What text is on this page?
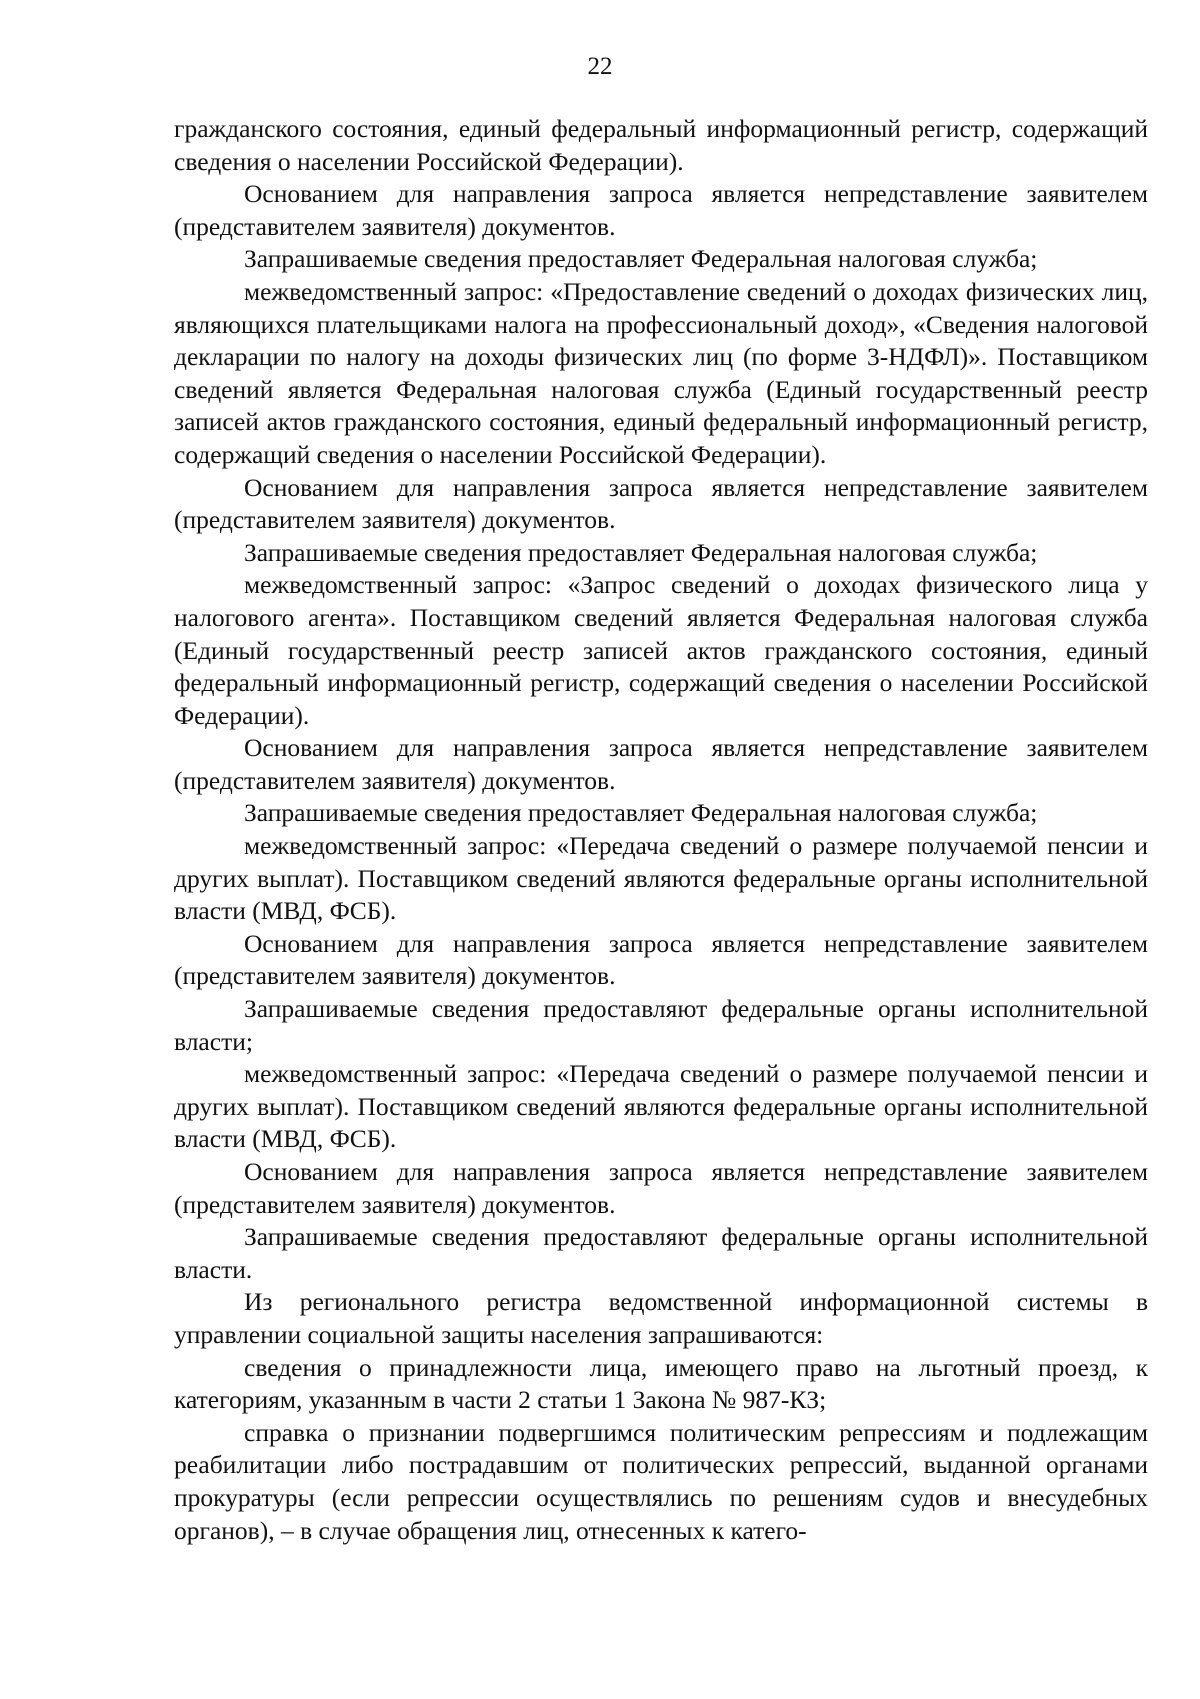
22

гражданского состояния, единый федеральный информационный регистр, содержащий сведения о населении Российской Федерации).

Основанием для направления запроса является непредставление заявителем (представителем заявителя) документов.

Запрашиваемые сведения предоставляет Федеральная налоговая служба;

межведомственный запрос: «Предоставление сведений о доходах физических лиц, являющихся плательщиками налога на профессиональный доход», «Сведения налоговой декларации по налогу на доходы физических лиц (по форме 3-НДФЛ)». Поставщиком сведений является Федеральная налоговая служба (Единый государственный реестр записей актов гражданского состояния, единый федеральный информационный регистр, содержащий сведения о населении Российской Федерации).

Основанием для направления запроса является непредставление заявителем (представителем заявителя) документов.

Запрашиваемые сведения предоставляет Федеральная налоговая служба;

межведомственный запрос: «Запрос сведений о доходах физического лица у налогового агента». Поставщиком сведений является Федеральная налоговая служба (Единый государственный реестр записей актов гражданского состояния, единый федеральный информационный регистр, содержащий сведения о населении Российской Федерации).

Основанием для направления запроса является непредставление заявителем (представителем заявителя) документов.

Запрашиваемые сведения предоставляет Федеральная налоговая служба;

межведомственный запрос: «Передача сведений о размере получаемой пенсии и других выплат). Поставщиком сведений являются федеральные органы исполнительной власти (МВД, ФСБ).

Основанием для направления запроса является непредставление заявителем (представителем заявителя) документов.

Запрашиваемые сведения предоставляют федеральные органы исполнительной власти;

межведомственный запрос: «Передача сведений о размере получаемой пенсии и других выплат). Поставщиком сведений являются федеральные органы исполнительной власти (МВД, ФСБ).

Основанием для направления запроса является непредставление заявителем (представителем заявителя) документов.

Запрашиваемые сведения предоставляют федеральные органы исполнительной власти.

Из регионального регистра ведомственной информационной системы в управлении социальной защиты населения запрашиваются:

сведения о принадлежности лица, имеющего право на льготный проезд, к категориям, указанным в части 2 статьи 1 Закона № 987-КЗ;

справка о признании подвергшимся политическим репрессиям и подлежащим реабилитации либо пострадавшим от политических репрессий, выданной органами прокуратуры (если репрессии осуществлялись по решениям судов и внесудебных органов), – в случае обращения лиц, отнесенных к катего-
